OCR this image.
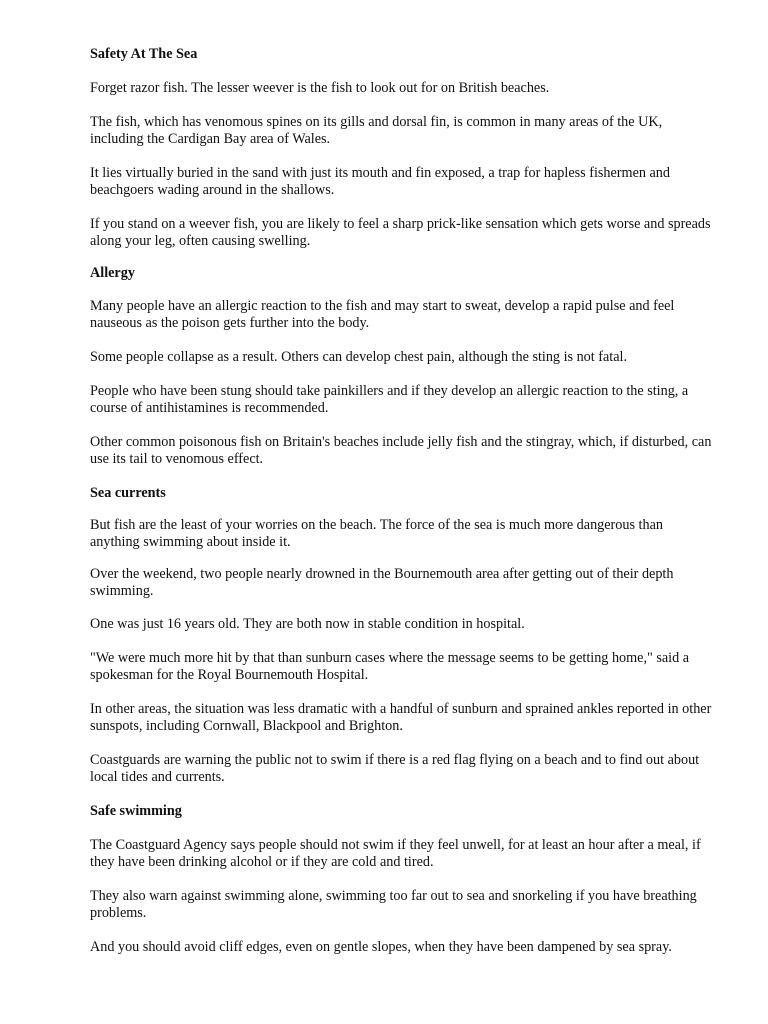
Safety At The Sea

Forget razor fish. The lesser weever is the fish to look out for on British beaches.

The fish, which has venomous spines on its gills and dorsal fin, is common in many areas of the UK, including the Cardigan Bay area of Wales.

It lies virtually buried in the sand with just its mouth and fin exposed, a trap for hapless fishermen and beachgoers wading around in the shallows.

If you stand on a weever fish, you are likely to feel a sharp prick-like sensation which gets worse and spreads along your leg, often causing swelling.

Allergy

Many people have an allergic reaction to the fish and may start to sweat, develop a rapid pulse and feel nauseous as the poison gets further into the body.

Some people collapse as a result. Others can develop chest pain, although the sting is not fatal.

People who have been stung should take painkillers and if they develop an allergic reaction to the sting, a course of antihistamines is recommended.

Other common poisonous fish on Britain's beaches include jelly fish and the stingray, which, if disturbed, can use its tail to venomous effect.

Sea currents

But fish are the least of your worries on the beach. The force of the sea is much more dangerous than anything swimming about inside it.

Over the weekend, two people nearly drowned in the Bournemouth area after getting out of their depth swimming.

One was just 16 years old. They are both now in stable condition in hospital.

"We were much more hit by that than sunburn cases where the message seems to be getting home," said a spokesman for the Royal Bournemouth Hospital.

In other areas, the situation was less dramatic with a handful of sunburn and sprained ankles reported in other sunspots, including Cornwall, Blackpool and Brighton.

Coastguards are warning the public not to swim if there is a red flag flying on a beach and to find out about local tides and currents.

Safe swimming

The Coastguard Agency says people should not swim if they feel unwell, for at least an hour after a meal, if they have been drinking alcohol or if they are cold and tired.

They also warn against swimming alone, swimming too far out to sea and snorkeling if you have breathing problems.

And you should avoid cliff edges, even on gentle slopes, when they have been dampened by sea spray.
